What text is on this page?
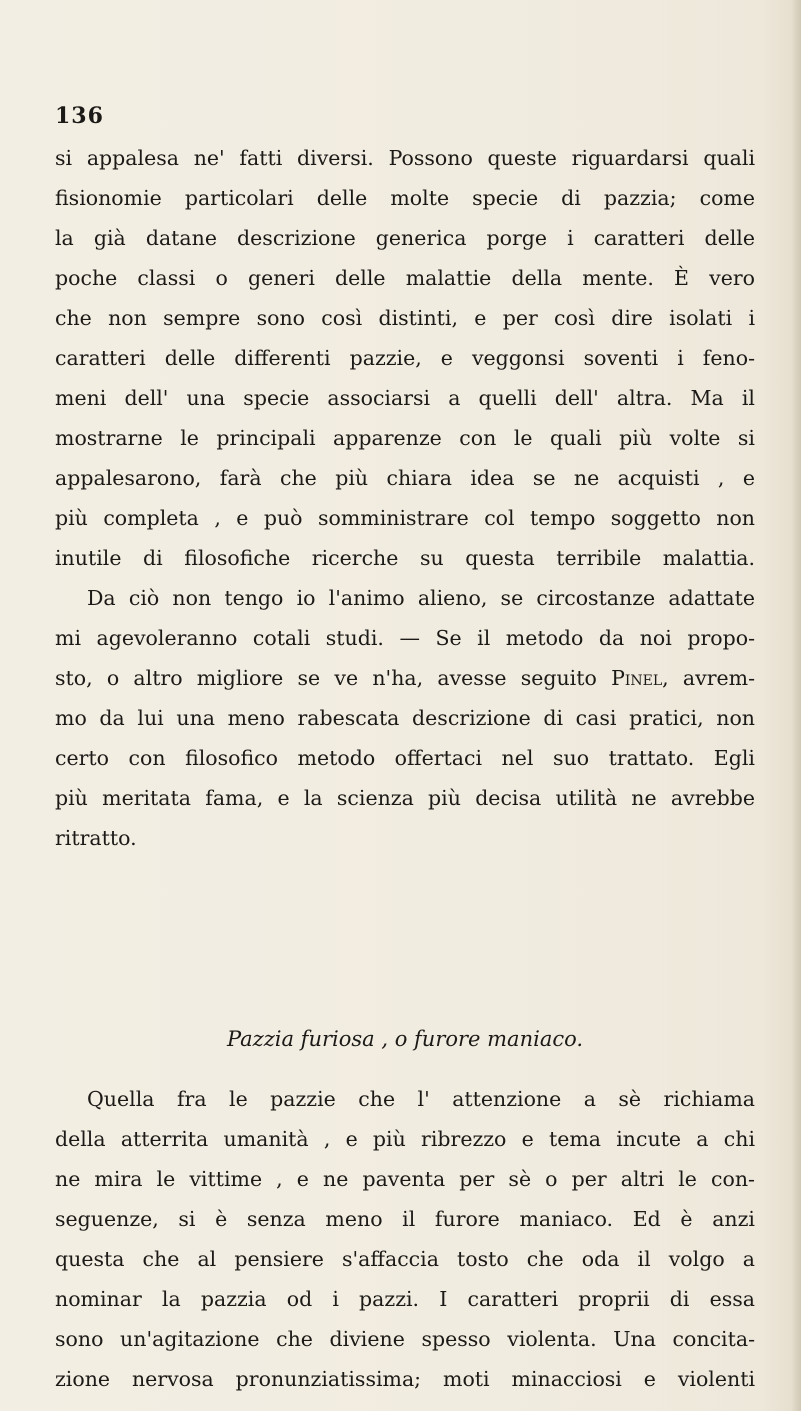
136
si appalesa ne' fatti diversi. Possono queste riguardarsi quali
fisionomie particolari delle molte specie di pazzia; come
la già datane descrizione generica porge i caratteri delle
poche classi o generi delle malattie della mente. È vero
che non sempre sono così distinti, e per così dire isolati i
caratteri delle differenti pazzie, e veggonsi soventi i feno-
meni dell' una specie associarsi a quelli dell' altra. Ma il
mostrarne le principali apparenze con le quali più volte si
appalesarono, farà che più chiara idea se ne acquisti , e
più completa , e può somministrare col tempo soggetto non
inutile di filosofiche ricerche su questa terribile malattia.
Da ciò non tengo io l'animo alieno, se circostanze adattate
mi agevoleranno cotali studi. — Se il metodo da noi propo-
sto, o altro migliore se ve n'ha, avesse seguito Pinel, avrem-
mo da lui una meno rabescata descrizione di casi pratici, non
certo con filosofico metodo offertaci nel suo trattato. Egli
più meritata fama, e la scienza più decisa utilità ne avrebbe
ritratto.
Pazzia furiosa , o furore maniaco.
Quella fra le pazzie che l' attenzione a sè richiama
della atterrita umanità , e più ribrezzo e tema incute a chi
ne mira le vittime , e ne paventa per sè o per altri le con-
seguenze, si è senza meno il furore maniaco. Ed è anzi
questa che al pensiere s'affaccia tosto che oda il volgo a
nominar la pazzia od i pazzi. I caratteri proprii di essa
sono un'agitazione che diviene spesso violenta. Una concita-
zione nervosa pronunziatissima; moti minacciosi e violenti
